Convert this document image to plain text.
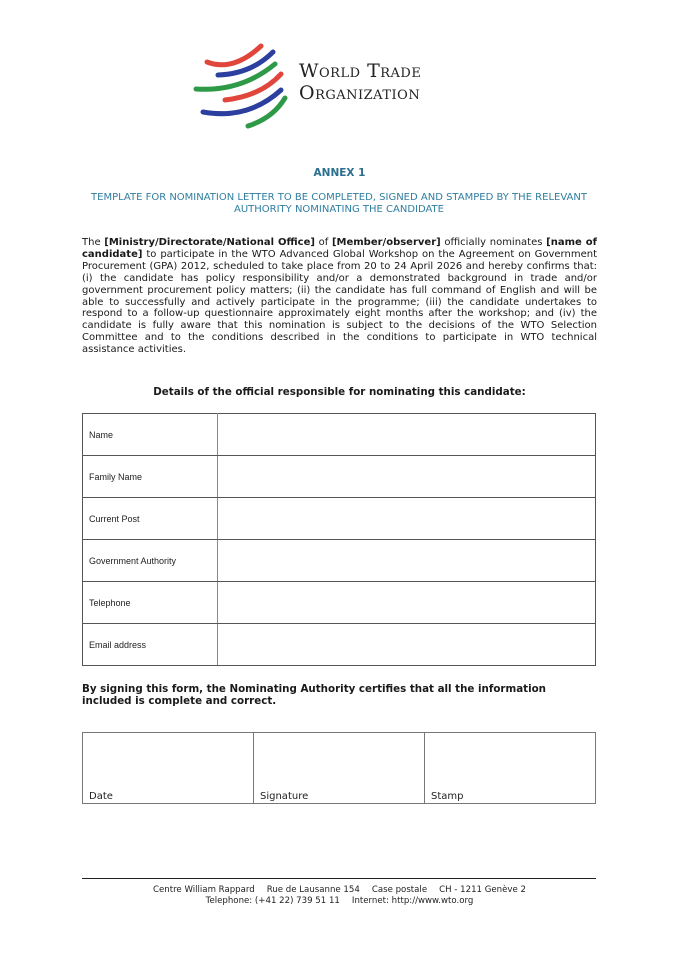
World Trade
Organization
ANNEX 1
TEMPLATE FOR NOMINATION LETTER TO BE COMPLETED, SIGNED AND STAMPED BY THE RELEVANT AUTHORITY NOMINATING THE CANDIDATE
The [Ministry/Directorate/National Office] of [Member/observer] officially nominates [name of candidate] to participate in the WTO Advanced Global Workshop on the Agreement on Government Procurement (GPA) 2012, scheduled to take place from 20 to 24 April 2026 and hereby confirms that: (i) the candidate has policy responsibility and/or a demonstrated background in trade and/or government procurement policy matters; (ii) the candidate has full command of English and will be able to successfully and actively participate in the programme; (iii) the candidate undertakes to respond to a follow-up questionnaire approximately eight months after the workshop; and (iv) the candidate is fully aware that this nomination is subject to the decisions of the WTO Selection Committee and to the conditions described in the conditions to participate in WTO technical assistance activities.
Details of the official responsible for nominating this candidate:
Name	
Family Name	
Current Post	
Government Authority	
Telephone	
Email address	
By signing this form, the Nominating Authority certifies that all the information included is complete and correct.
Date	Signature	Stamp
Centre William Rappard Rue de Lausanne 154 Case postale CH - 1211 Genève 2
Telephone: (+41 22) 739 51 11 Internet: http://www.wto.org
